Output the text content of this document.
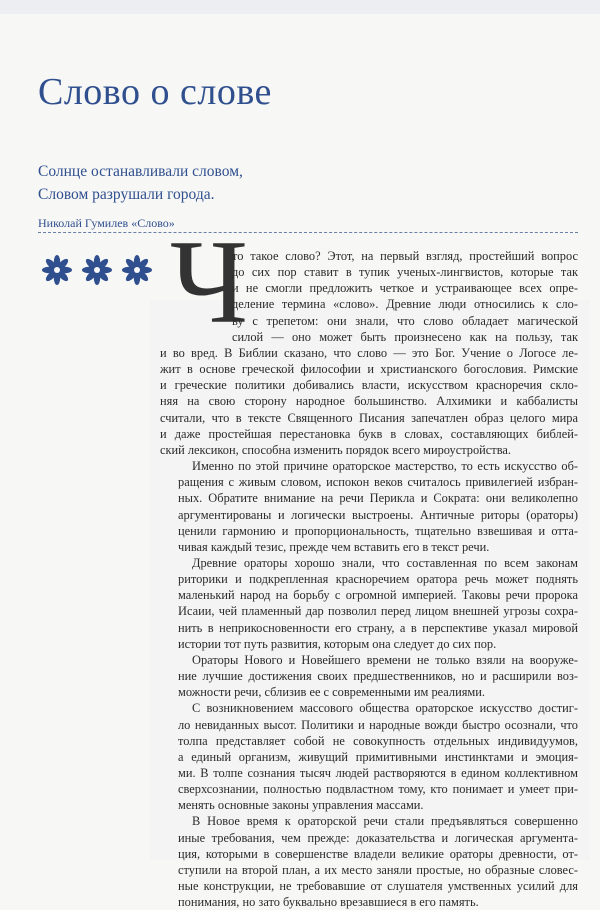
Слово о слове
Солнце останавливали словом,
Словом разрушали города.
Николай Гумилев «Слово»
Ч

то такое слово? Этот, на первый взгляд, простейший вопрос
до сих пор ставит в тупик ученых-лингвистов, которые так
и не смогли предложить четкое и устраивающее всех опре-
деление термина «слово». Древние люди относились к сло-
ву с трепетом: они знали, что слово обладает магической
силой — оно может быть произнесено как на пользу, так
и во вред. В Библии сказано, что слово — это Бог. Учение о Логосе ле-
жит в основе греческой философии и христианского богословия. Римские
и греческие политики добивались власти, искусством красноречия скло-
няя на свою сторону народное большинство. Алхимики и каббалисты
считали, что в тексте Священного Писания запечатлен образ целого мира
и даже простейшая перестановка букв в словах, составляющих библей-
ский лексикон, способна изменить порядок всего мироустройства.

Именно по этой причине ораторское мастерство, то есть искусство об-
ращения с живым словом, испокон веков считалось привилегией избран-
ных. Обратите внимание на речи Перикла и Сократа: они великолепно
аргументированы и логически выстроены. Античные риторы (ораторы)
ценили гармонию и пропорциональность, тщательно взвешивая и отта-
чивая каждый тезис, прежде чем вставить его в текст речи.

Древние ораторы хорошо знали, что составленная по всем законам
риторики и подкрепленная красноречием оратора речь может поднять
маленький народ на борьбу с огромной империей. Таковы речи пророка
Исаии, чей пламенный дар позволил перед лицом внешней угрозы сохра-
нить в неприкосновенности его страну, а в перспективе указал мировой
истории тот путь развития, которым она следует до сих пор.

Ораторы Нового и Новейшего времени не только взяли на вооруже-
ние лучшие достижения своих предшественников, но и расширили воз-
можности речи, сблизив ее с современными им реалиями.

С возникновением массового общества ораторское искусство достиг-
ло невиданных высот. Политики и народные вожди быстро осознали, что
толпа представляет собой не совокупность отдельных индивидуумов,
а единый организм, живущий примитивными инстинктами и эмоция-
ми. В толпе сознания тысяч людей растворяются в едином коллективном
сверхсознании, полностью подвластном тому, кто понимает и умеет при-
менять основные законы управления массами.

В Новое время к ораторской речи стали предъявляться совершенно
иные требования, чем прежде: доказательства и логическая аргумента-
ция, которыми в совершенстве владели великие ораторы древности, от-
ступили на второй план, а их место заняли простые, но образные словес-
ные конструкции, не требовавшие от слушателя умственных усилий для
понимания, но зато буквально врезавшиеся в его память.
